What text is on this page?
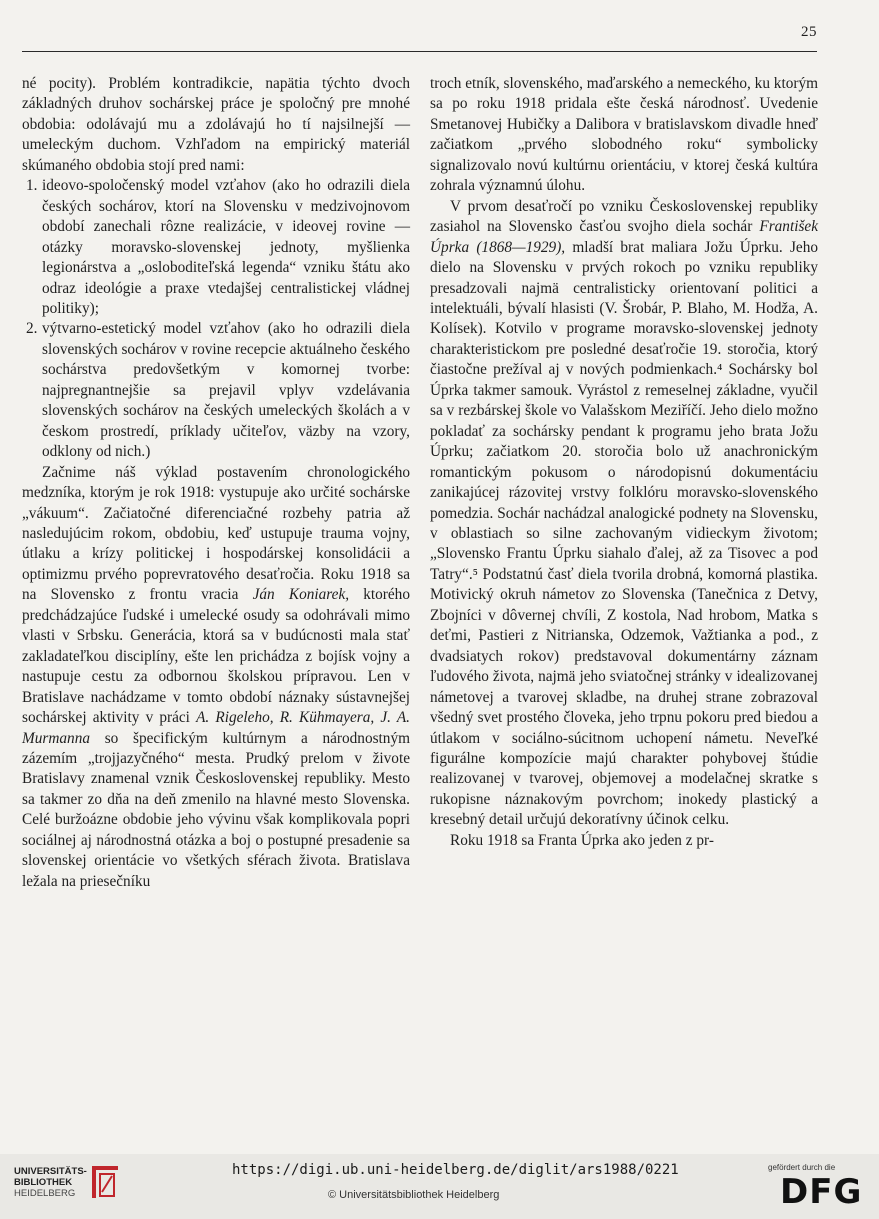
25

né pocity). Problém kontradikcie, napätia týchto dvoch základných druhov sochárskej práce je spoločný pre mnohé obdobia: odolávajú mu a zdolávajú ho tí najsilnejší — umeleckým duchom. Vzhľadom na empirický materiál skúmaného obdobia stojí pred nami:

1. ideovo-spoločenský model vzťahov (ako ho odrazili diela českých sochárov, ktorí na Slovensku v medzivojnovom období zanechali rôzne realizácie, v ideovej rovine — otázky moravsko-slovenskej jednoty, myšlienka legionárstva a „osloboditeľská legenda“ vzniku štátu ako odraz ideológie a praxe vtedajšej centralistickej vládnej politiky);
2. výtvarno-estetický model vzťahov (ako ho odrazili diela slovenských sochárov v rovine recepcie aktuálneho českého sochárstva predovšetkým v komornej tvorbe: najpregnantnejšie sa prejavil vplyv vzdelávania slovenských sochárov na českých umeleckých školách a v českom prostredí, príklady učiteľov, väzby na vzory, odklony od nich.)

Začnime náš výklad postavením chronologického medzníka, ktorým je rok 1918: vystupuje ako určité sochárske „vákuum“. Začiatočné diferenciačné rozbehy patria až nasledujúcim rokom, obdobiu, keď ustupuje trauma vojny, útlaku a krízy politickej i hospodárskej konsolidácii a optimizmu prvého poprevratového desaťročia. Roku 1918 sa na Slovensko z frontu vracia Ján Koniarek, ktorého predchádzajúce ľudské i umelecké osudy sa odohrávali mimo vlasti v Srbsku. Generácia, ktorá sa v budúcnosti mala stať zakladateľkou disciplíny, ešte len prichádza z bojísk vojny a nastupuje cestu za odbornou školskou prípravou. Len v Bratislave nachádzame v tomto období náznaky sústavnejšej sochárskej aktivity v práci A. Rigeleho, R. Kühmayera, J. A. Murmanna so špecifickým kultúrnym a národnostným zázemím „trojjazyčného“ mesta. Prudký prelom v živote Bratislavy znamenal vznik Československej republiky. Mesto sa takmer zo dňa na deň zmenilo na hlavné mesto Slovenska. Celé buržoázne obdobie jeho vývinu však komplikovala popri sociálnej aj národnostná otázka a boj o postupné presadenie sa slovenskej orientácie vo všetkých sférach života. Bratislava ležala na priesečníku

troch etník, slovenského, maďarského a nemeckého, ku ktorým sa po roku 1918 pridala ešte česká národnosť. Uvedenie Smetanovej Hubičky a Dalibora v bratislavskom divadle hneď začiatkom „prvého slobodného roku“ symbolicky signalizovalo novú kultúrnu orientáciu, v ktorej česká kultúra zohrala významnú úlohu.

V prvom desaťročí po vzniku Československej republiky zasiahol na Slovensko časťou svojho diela sochár František Úprka (1868—1929), mladší brat maliara Jožu Úprku. Jeho dielo na Slovensku v prvých rokoch po vzniku republiky presadzovali najmä centralisticky orientovaní politici a intelektuáli, bývalí hlasisti (V. Šrobár, P. Blaho, M. Hodža, A. Kolísek). Kotvilo v programe moravsko-slovenskej jednoty charakteristickom pre posledné desaťročie 19. storočia, ktorý čiastočne prežíval aj v nových podmienkach.⁴ Sochársky bol Úprka takmer samouk. Vyrástol z remeselnej základne, vyučil sa v rezbárskej škole vo Valašskom Meziříčí. Jeho dielo možno pokladať za sochársky pendant k programu jeho brata Jožu Úprku; začiatkom 20. storočia bolo už anachronickým romantickým pokusom o národopisnú dokumentáciu zanikajúcej rázovitej vrstvy folklóru moravsko-slovenského pomedzia. Sochár nachádzal analogické podnety na Slovensku, v oblastiach so silne zachovaným vidieckym životom; „Slovensko Frantu Úprku siahalo ďalej, až za Tisovec a pod Tatry“.⁵ Podstatnú časť diela tvorila drobná, komorná plastika. Motivický okruh námetov zo Slovenska (Tanečnica z Detvy, Zbojníci v dôvernej chvíli, Z kostola, Nad hrobom, Matka s deťmi, Pastieri z Nitrianska, Odzemok, Važtianka a pod., z dvadsiatych rokov) predstavoval dokumentárny záznam ľudového života, najmä jeho sviatočnej stránky v idealizovanej námetovej a tvarovej skladbe, na druhej strane zobrazoval všedný svet prostého človeka, jeho trpnu pokoru pred biedou a útlakom v sociálno-súcitnom uchopení námetu. Neveľké figurálne kompozície majú charakter pohybovej štúdie realizovanej v tvarovej, objemovej a modelačnej skratke s rukopisne náznakovým povrchom; inokedy plastický a kresebný detail určujú dekoratívny účinok celku.

Roku 1918 sa Franta Úprka ako jeden z pr-

UNIVERSITÄTS-
BIBLIOTHEK
HEIDELBERG
https://digi.ub.uni-heidelberg.de/diglit/ars1988/0221
© Universitätsbibliothek Heidelberg
gefördert durch die
DFG
